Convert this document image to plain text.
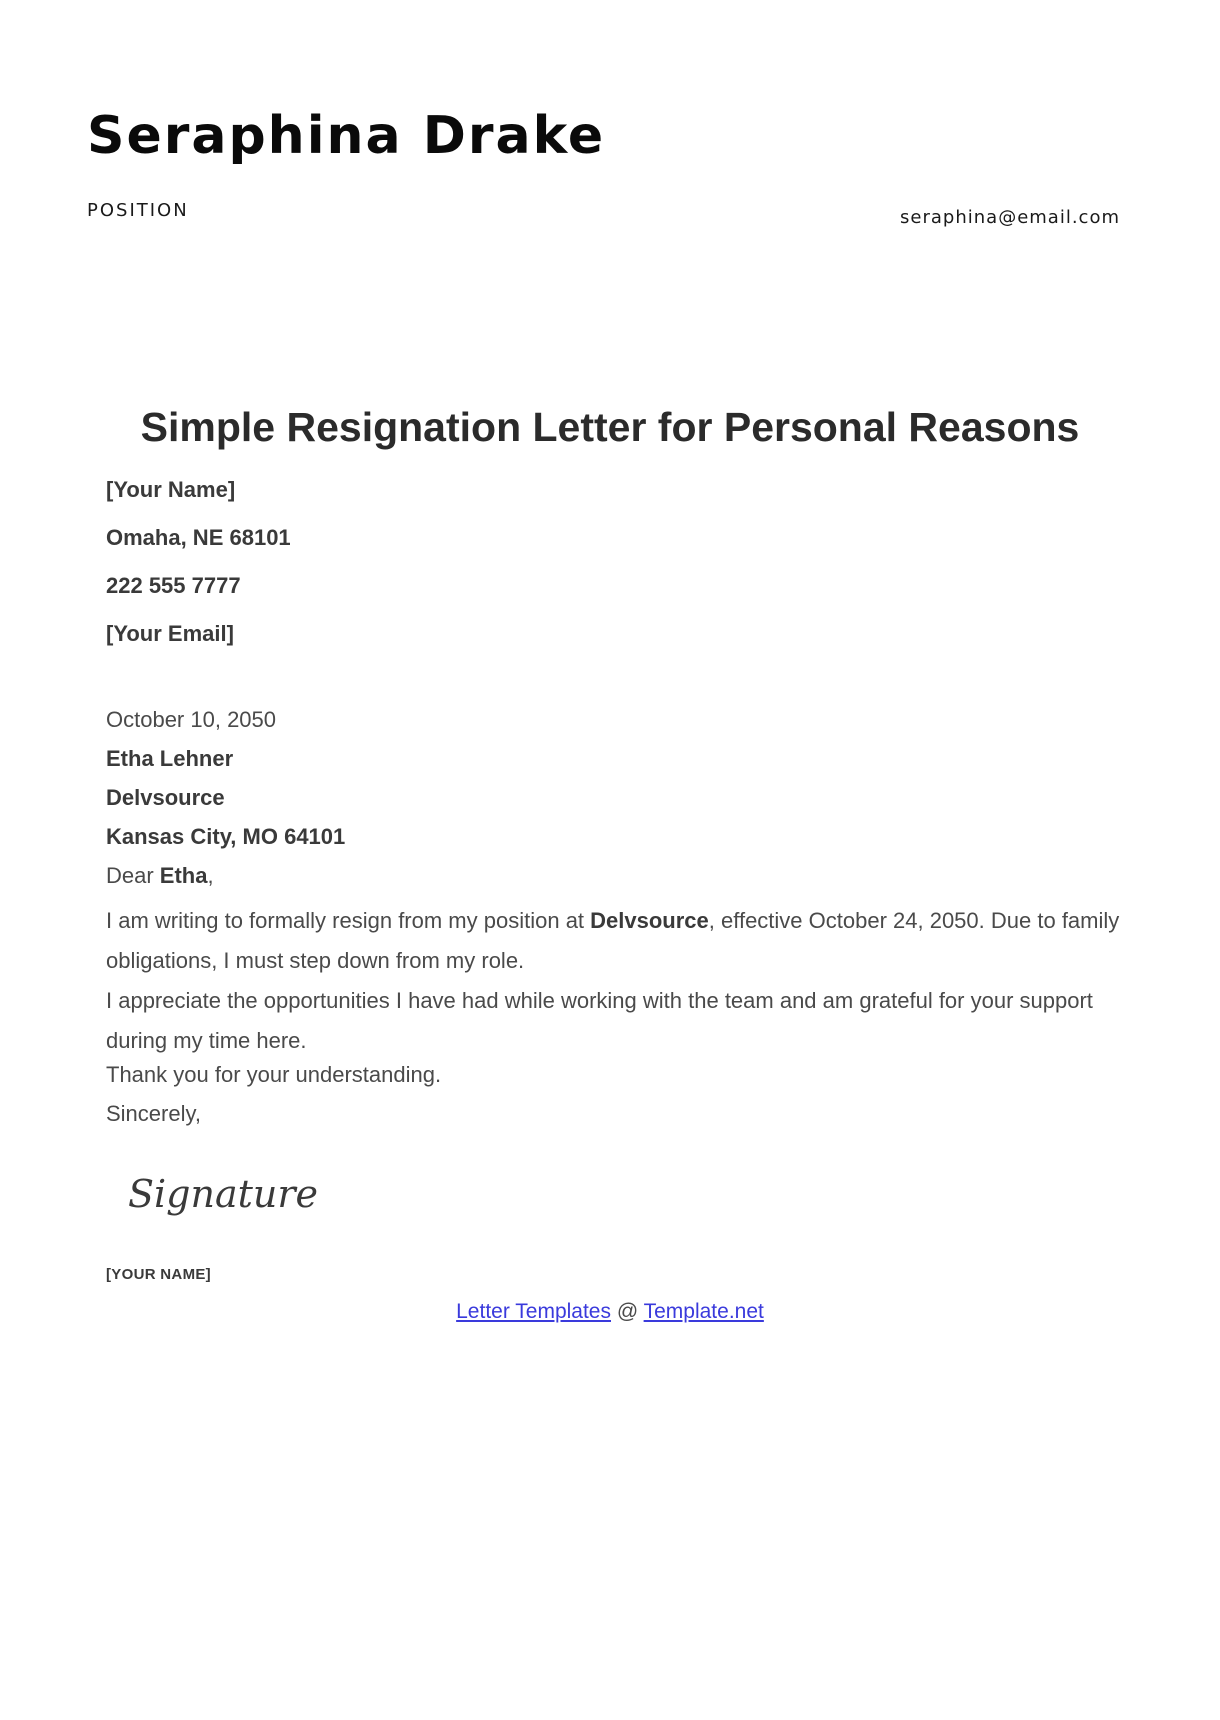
Seraphina Drake
POSITION	seraphina@email.com
Simple Resignation Letter for Personal Reasons
[Your Name]
Omaha, NE 68101
222 555 7777
[Your Email]
October 10, 2050
Etha Lehner
Delvsource
Kansas City, MO 64101
Dear Etha,

I am writing to formally resign from my position at Delvsource, effective October 24, 2050. Due to family obligations, I must step down from my role.

I appreciate the opportunities I have had while working with the team and am grateful for your support during my time here.

Thank you for your understanding.
Sincerely,
Signature
[YOUR NAME]
Letter Templates @ Template.net
